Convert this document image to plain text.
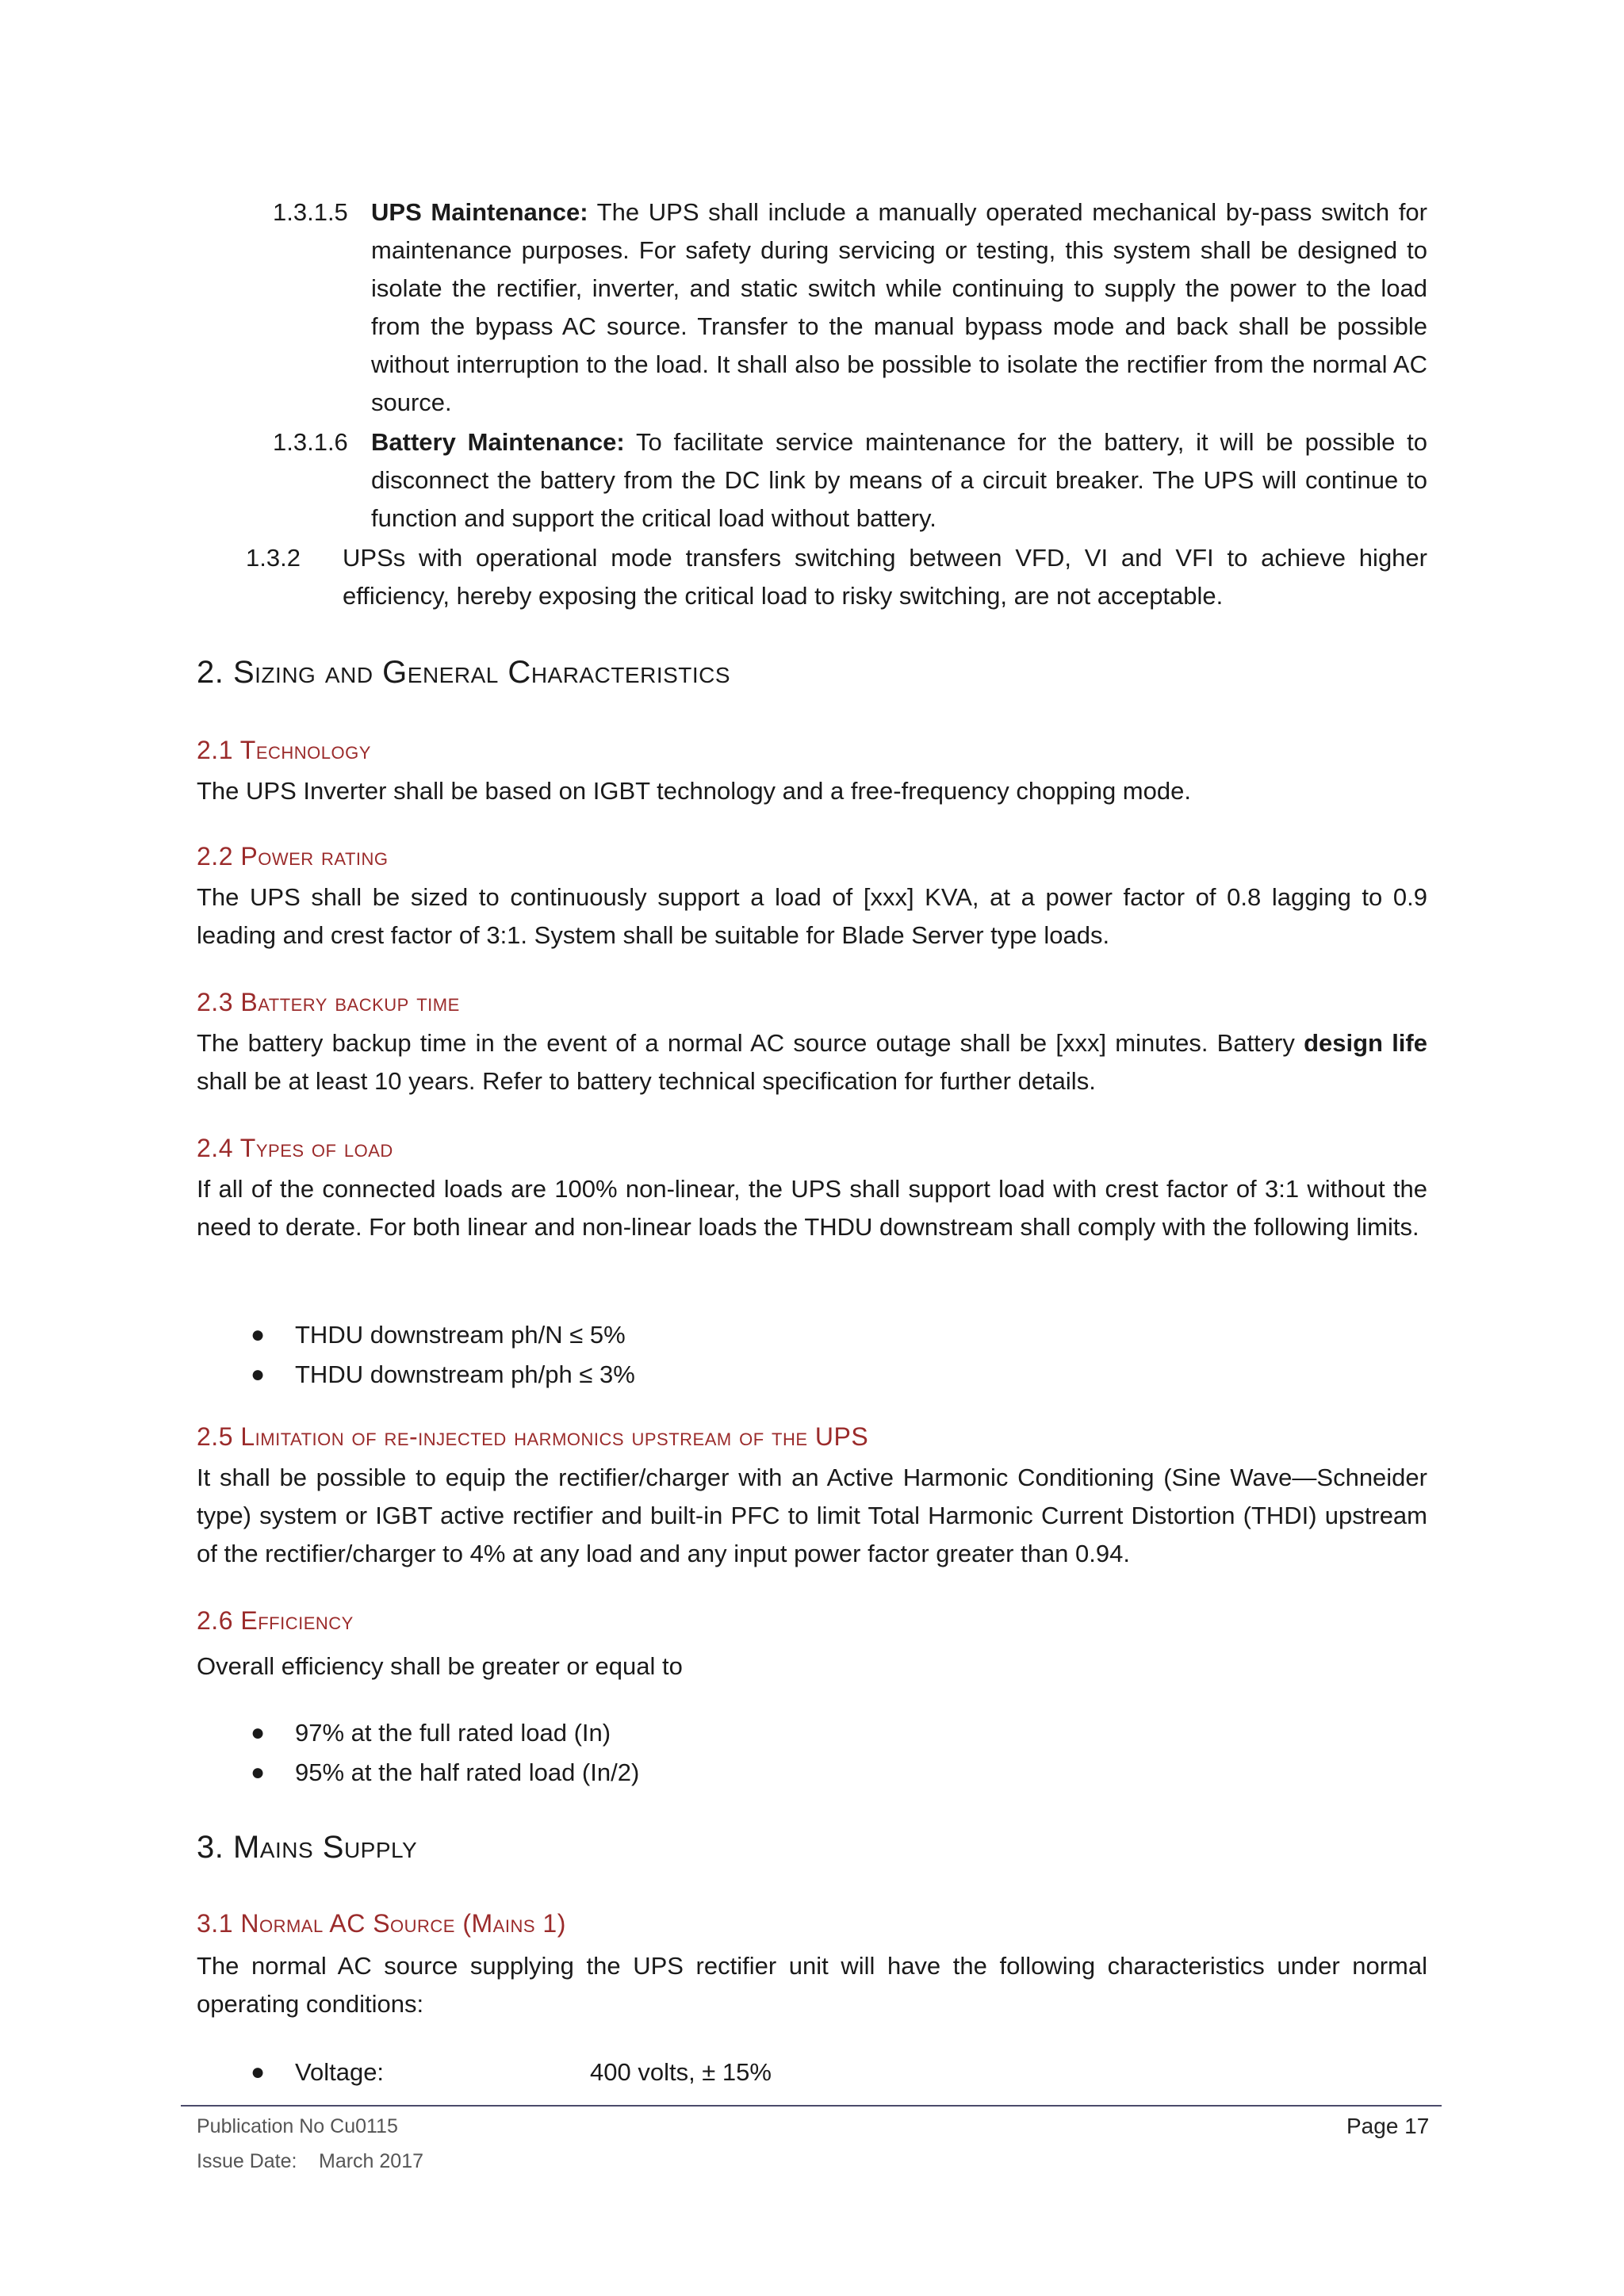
1.3.1.5 UPS Maintenance: The UPS shall include a manually operated mechanical by-pass switch for maintenance purposes. For safety during servicing or testing, this system shall be designed to isolate the rectifier, inverter, and static switch while continuing to supply the power to the load from the bypass AC source. Transfer to the manual bypass mode and back shall be possible without interruption to the load. It shall also be possible to isolate the rectifier from the normal AC source.

1.3.1.6 Battery Maintenance: To facilitate service maintenance for the battery, it will be possible to disconnect the battery from the DC link by means of a circuit breaker. The UPS will continue to function and support the critical load without battery.

1.3.2 UPSs with operational mode transfers switching between VFD, VI and VFI to achieve higher efficiency, hereby exposing the critical load to risky switching, are not acceptable.

2. Sizing and General Characteristics
2.1 Technology

The UPS Inverter shall be based on IGBT technology and a free-frequency chopping mode.

2.2 Power rating

The UPS shall be sized to continuously support a load of [xxx] KVA, at a power factor of 0.8 lagging to 0.9 leading and crest factor of 3:1. System shall be suitable for Blade Server type loads.

2.3 Battery backup time

The battery backup time in the event of a normal AC source outage shall be [xxx] minutes. Battery design life shall be at least 10 years. Refer to battery technical specification for further details.

2.4 Types of load

If all of the connected loads are 100% non-linear, the UPS shall support load with crest factor of 3:1 without the need to derate. For both linear and non-linear loads the THDU downstream shall comply with the following limits.

● THDU downstream ph/N ≤ 5%
● THDU downstream ph/ph ≤ 3%
2.5 Limitation of re-injected harmonics upstream of the UPS

It shall be possible to equip the rectifier/charger with an Active Harmonic Conditioning (Sine Wave—Schneider type) system or IGBT active rectifier and built-in PFC to limit Total Harmonic Current Distortion (THDI) upstream of the rectifier/charger to 4% at any load and any input power factor greater than 0.94.

2.6 Efficiency

Overall efficiency shall be greater or equal to

● 97% at the full rated load (In)
● 95% at the half rated load (In/2)
3. Mains Supply
3.1 Normal AC Source (Mains 1)

The normal AC source supplying the UPS rectifier unit will have the following characteristics under normal operating conditions:

● Voltage:	400 volts, ± 15%
Publication No Cu0115	Page 17
Issue Date: March 2017
